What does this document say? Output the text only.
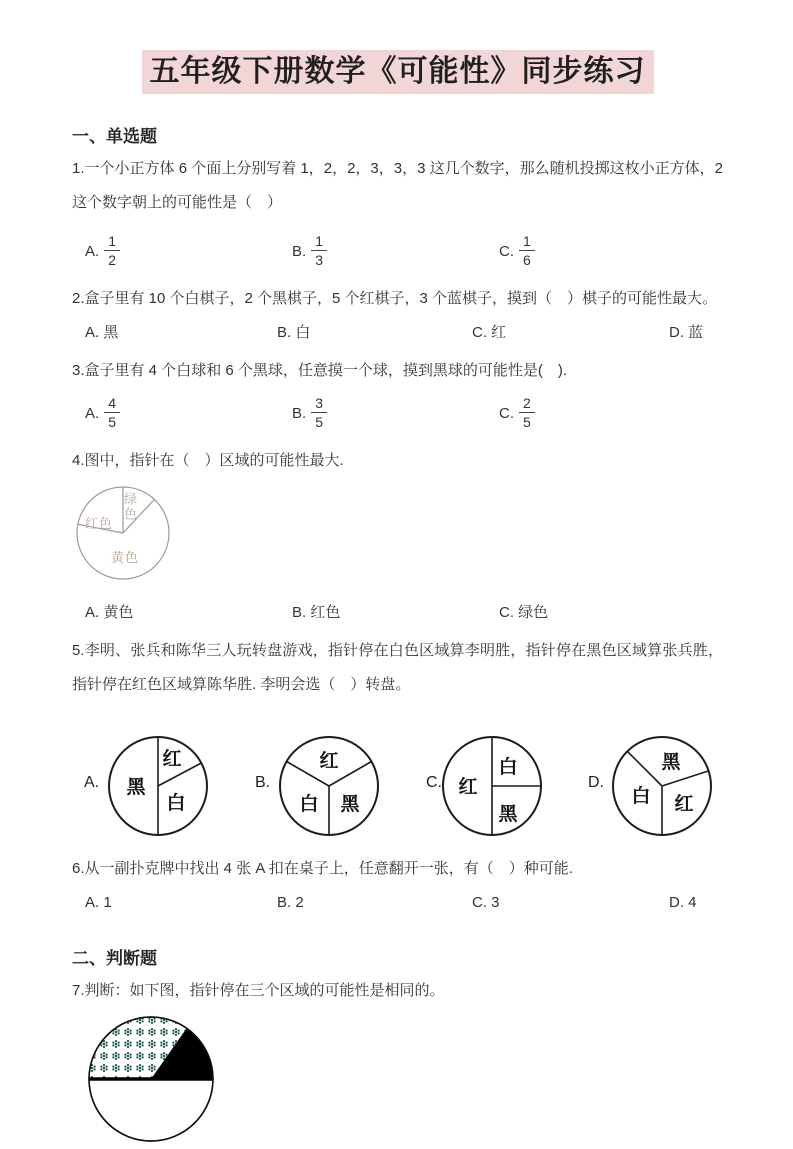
五年级下册数学《可能性》同步练习
一、单选题

1.一个小正方体 6 个面上分别写着 1，2，2，3，3，3 这几个数字，那么随机投掷这枚小正方体，2 这个数字朝上的可能性是（　）

A. $\frac{1}{2}$	B. $\frac{1}{3}$	C. $\frac{1}{6}$

2.盒子里有 10 个白棋子，2 个黑棋子，5 个红棋子，3 个蓝棋子，摸到（　）棋子的可能性最大。

A. 黑	B. 白	C. 红	D. 蓝

3.盒子里有 4 个白球和 6 个黑球，任意摸一个球，摸到黑球的可能性是(　).

A. $\frac{4}{5}$	B. $\frac{3}{5}$	C. $\frac{2}{5}$

4.图中，指针在（　）区域的可能性最大.

红色
绿色
黄色
A. 黄色	B. 红色	C. 绿色

5.李明、张兵和陈华三人玩转盘游戏，指针停在白色区域算李明胜，指针停在黑色区域算张兵胜，指针停在红色区域算陈华胜. 李明会选（　）转盘。

A. 黑
红
白
B.
红
白 黑
C. 红
白
黑
D.
白
黑
红

6.从一副扑克牌中找出 4 张 A 扣在桌子上，任意翻开一张，有（　）种可能.

A. 1	B. 2	C. 3	D. 4
二、判断题

7.判断：如下图，指针停在三个区域的可能性是相同的。
